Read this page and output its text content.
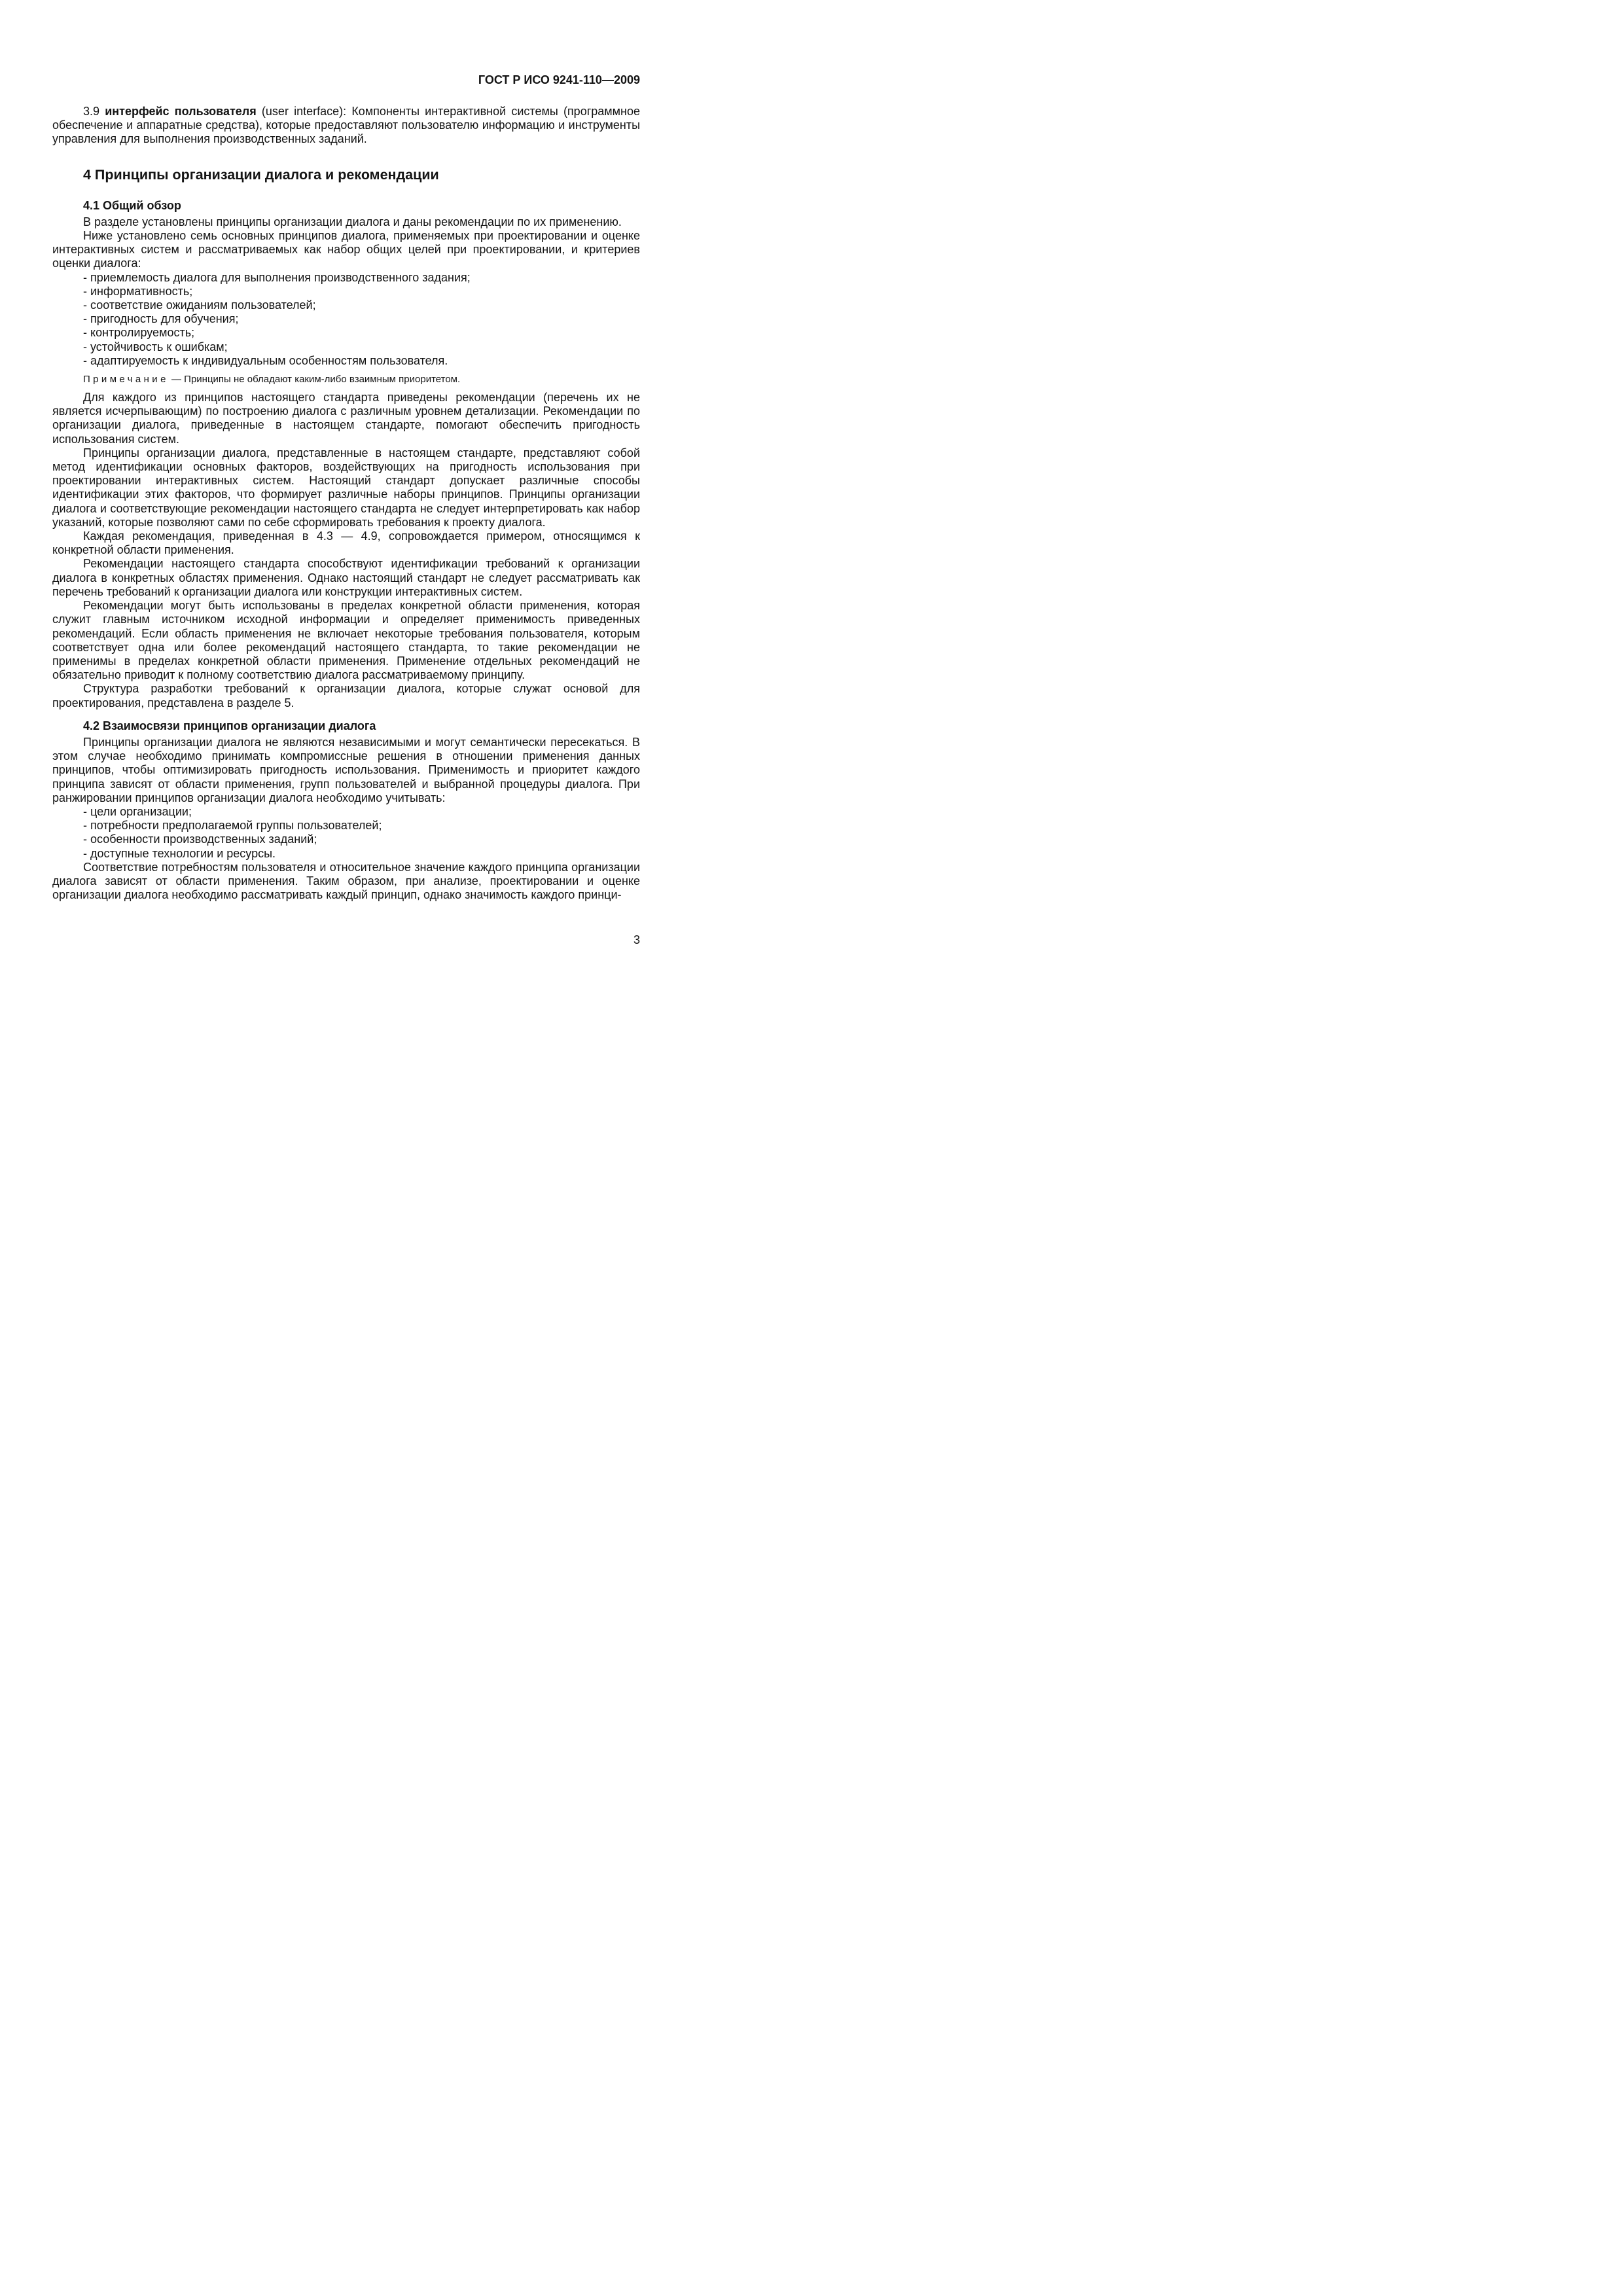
ГОСТ Р ИСО 9241-110—2009

3.9 интерфейс пользователя (user interface): Компоненты интерактивной системы (программное обеспечение и аппаратные средства), которые предоставляют пользователю информацию и инструменты управления для выполнения производственных заданий.

4 Принципы организации диалога и рекомендации
4.1 Общий обзор

В разделе установлены принципы организации диалога и даны рекомендации по их применению.

Ниже установлено семь основных принципов диалога, применяемых при проектировании и оценке интерактивных систем и рассматриваемых как набор общих целей при проектировании, и критериев оценки диалога:

- приемлемость диалога для выполнения производственного задания;
- информативность;
- соответствие ожиданиям пользователей;
- пригодность для обучения;
- контролируемость;
- устойчивость к ошибкам;
- адаптируемость к индивидуальным особенностям пользователя.

Примечание — Принципы не обладают каким-либо взаимным приоритетом.

Для каждого из принципов настоящего стандарта приведены рекомендации (перечень их не является исчерпывающим) по построению диалога с различным уровнем детализации. Рекомендации по организации диалога, приведенные в настоящем стандарте, помогают обеспечить пригодность использования систем.

Принципы организации диалога, представленные в настоящем стандарте, представляют собой метод идентификации основных факторов, воздействующих на пригодность использования при проектировании интерактивных систем. Настоящий стандарт допускает различные способы идентификации этих факторов, что формирует различные наборы принципов. Принципы организации диалога и соответствующие рекомендации настоящего стандарта не следует интерпретировать как набор указаний, которые позволяют сами по себе сформировать требования к проекту диалога.

Каждая рекомендация, приведенная в 4.3 — 4.9, сопровождается примером, относящимся к конкретной области применения.

Рекомендации настоящего стандарта способствуют идентификации требований к организации диалога в конкретных областях применения. Однако настоящий стандарт не следует рассматривать как перечень требований к организации диалога или конструкции интерактивных систем.

Рекомендации могут быть использованы в пределах конкретной области применения, которая служит главным источником исходной информации и определяет применимость приведенных рекомендаций. Если область применения не включает некоторые требования пользователя, которым соответствует одна или более рекомендаций настоящего стандарта, то такие рекомендации не применимы в пределах конкретной области применения. Применение отдельных рекомендаций не обязательно приводит к полному соответствию диалога рассматриваемому принципу.

Структура разработки требований к организации диалога, которые служат основой для проектирования, представлена в разделе 5.

4.2 Взаимосвязи принципов организации диалога

Принципы организации диалога не являются независимыми и могут семантически пересекаться. В этом случае необходимо принимать компромиссные решения в отношении применения данных принципов, чтобы оптимизировать пригодность использования. Применимость и приоритет каждого принципа зависят от области применения, групп пользователей и выбранной процедуры диалога. При ранжировании принципов организации диалога необходимо учитывать:

- цели организации;
- потребности предполагаемой группы пользователей;
- особенности производственных заданий;
- доступные технологии и ресурсы.

Соответствие потребностям пользователя и относительное значение каждого принципа организации диалога зависят от области применения. Таким образом, при анализе, проектировании и оценке организации диалога необходимо рассматривать каждый принцип, однако значимость каждого принци-

3
